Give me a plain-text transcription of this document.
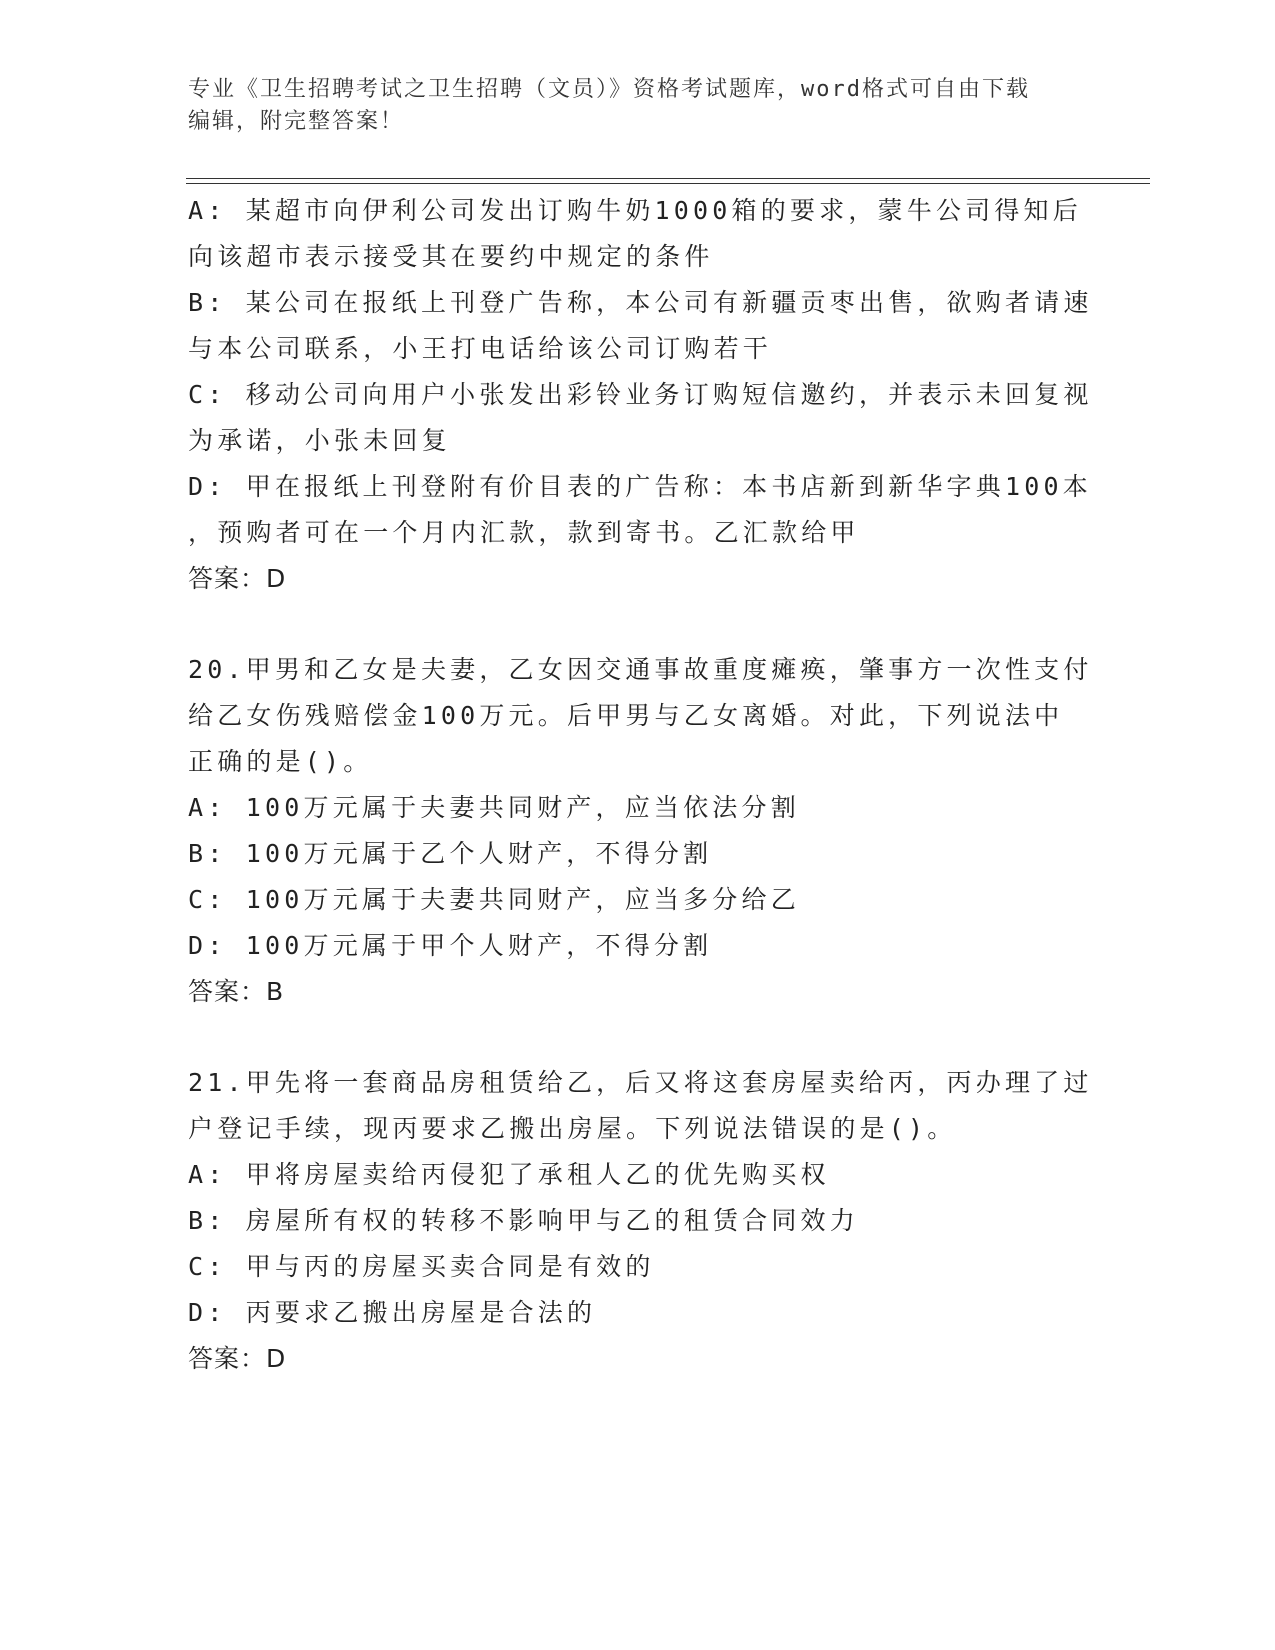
专业《卫生招聘考试之卫生招聘（文员）》资格考试题库，word格式可自由下载
编辑，附完整答案！
A: 某超市向伊利公司发出订购牛奶1000箱的要求，蒙牛公司得知后
向该超市表示接受其在要约中规定的条件
B: 某公司在报纸上刊登广告称，本公司有新疆贡枣出售，欲购者请速
与本公司联系，小王打电话给该公司订购若干
C: 移动公司向用户小张发出彩铃业务订购短信邀约，并表示未回复视
为承诺，小张未回复
D: 甲在报纸上刊登附有价目表的广告称：本书店新到新华字典100本
，预购者可在一个月内汇款，款到寄书。乙汇款给甲
答案：D
20.甲男和乙女是夫妻，乙女因交通事故重度瘫痪，肇事方一次性支付
给乙女伤残赔偿金100万元。后甲男与乙女离婚。对此，下列说法中
正确的是()。
A: 100万元属于夫妻共同财产，应当依法分割
B: 100万元属于乙个人财产，不得分割
C: 100万元属于夫妻共同财产，应当多分给乙
D: 100万元属于甲个人财产，不得分割
答案：B
21.甲先将一套商品房租赁给乙，后又将这套房屋卖给丙，丙办理了过
户登记手续，现丙要求乙搬出房屋。下列说法错误的是()。
A: 甲将房屋卖给丙侵犯了承租人乙的优先购买权
B: 房屋所有权的转移不影响甲与乙的租赁合同效力
C: 甲与丙的房屋买卖合同是有效的
D: 丙要求乙搬出房屋是合法的
答案：D
